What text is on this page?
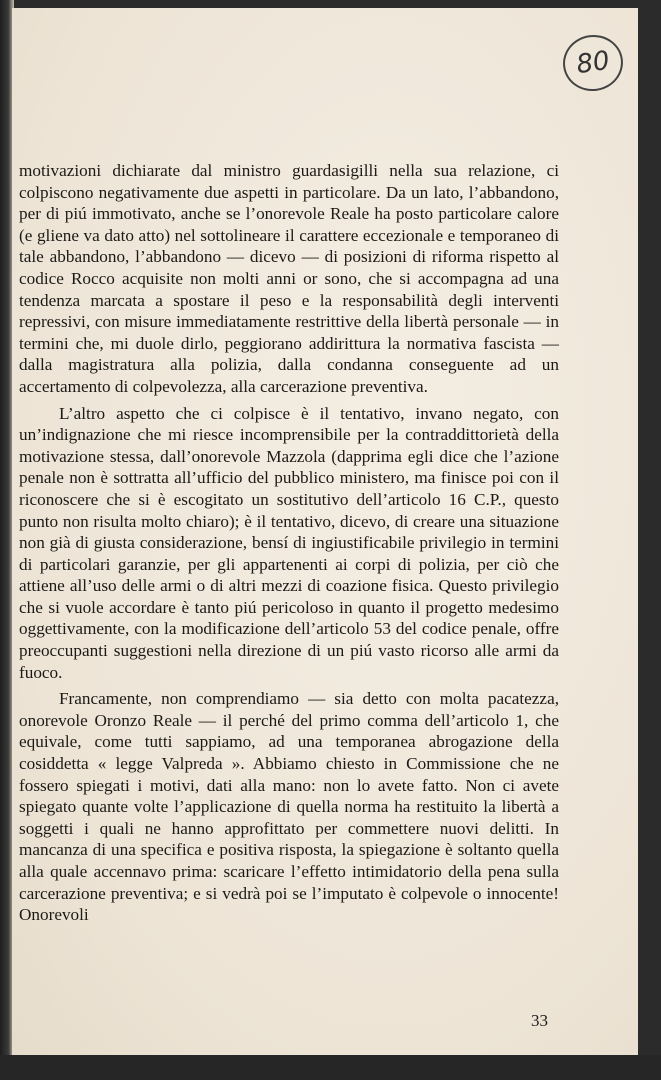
80

motivazioni dichiarate dal ministro guardasigilli nella sua relazione, ci colpiscono negativamente due aspetti in particolare. Da un lato, l’abbandono, per di piú immotivato, anche se l’onorevole Reale ha posto particolare calore (e gliene va dato atto) nel sottolineare il carattere eccezionale e temporaneo di tale abbandono, l’abbandono — dicevo — di posizioni di riforma rispetto al codice Rocco acquisite non molti anni or sono, che si accompagna ad una tendenza marcata a spostare il peso e la responsabilità degli interventi repressivi, con misure immediatamente restrittive della libertà personale — in termini che, mi duole dirlo, peggiorano addirittura la normativa fascista — dalla magistratura alla polizia, dalla condanna conseguente ad un accertamento di colpevolezza, alla carcerazione preventiva.

L’altro aspetto che ci colpisce è il tentativo, invano negato, con un’indignazione che mi riesce incomprensibile per la contraddittorietà della motivazione stessa, dall’onorevole Mazzola (dapprima egli dice che l’azione penale non è sottratta all’ufficio del pubblico ministero, ma finisce poi con il riconoscere che si è escogitato un sostitutivo dell’articolo 16 C.P., questo punto non risulta molto chiaro); è il tentativo, dicevo, di creare una situazione non già di giusta considerazione, bensí di ingiustificabile privilegio in termini di particolari garanzie, per gli appartenenti ai corpi di polizia, per ciò che attiene all’uso delle armi o di altri mezzi di coazione fisica. Questo privilegio che si vuole accordare è tanto piú pericoloso in quanto il progetto medesimo oggettivamente, con la modificazione dell’articolo 53 del codice penale, offre preoccupanti suggestioni nella direzione di un piú vasto ricorso alle armi da fuoco.

Francamente, non comprendiamo — sia detto con molta pacatezza, onorevole Oronzo Reale — il perché del primo comma dell’articolo 1, che equivale, come tutti sappiamo, ad una temporanea abrogazione della cosiddetta « legge Valpreda ». Abbiamo chiesto in Commissione che ne fossero spiegati i motivi, dati alla mano: non lo avete fatto. Non ci avete spiegato quante volte l’applicazione di quella norma ha restituito la libertà a soggetti i quali ne hanno approfittato per commettere nuovi delitti. In mancanza di una specifica e positiva risposta, la spiegazione è soltanto quella alla quale accennavo prima: scaricare l’effetto intimidatorio della pena sulla carcerazione preventiva; e si vedrà poi se l’imputato è colpevole o innocente! Onorevoli

33
